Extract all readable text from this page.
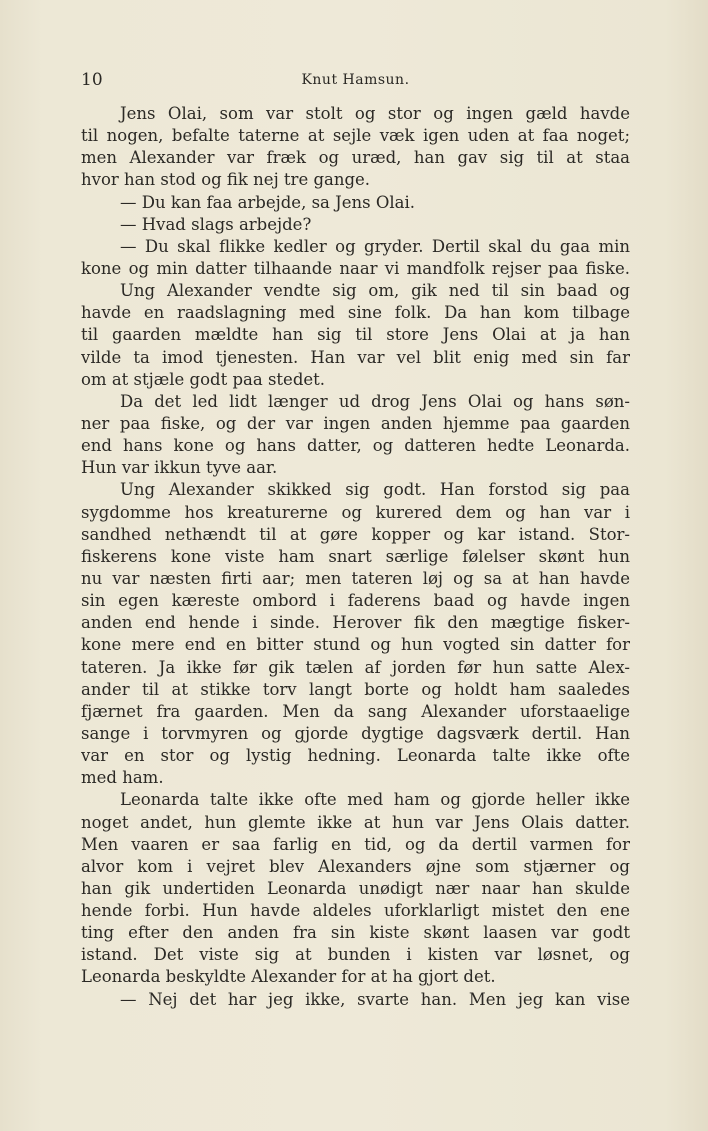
10	Knut Hamsun.
Jens Olai, som var stolt og stor og ingen gæld havde
til nogen, befalte taterne at sejle væk igen uden at faa noget;
men Alexander var fræk og uræd, han gav sig til at staa
hvor han stod og fik nej tre gange.
— Du kan faa arbejde, sa Jens Olai.
— Hvad slags arbejde?
— Du skal flikke kedler og gryder. Dertil skal du gaa min
kone og min datter tilhaande naar vi mandfolk rejser paa fiske.
Ung Alexander vendte sig om, gik ned til sin baad og
havde en raadslagning med sine folk. Da han kom tilbage
til gaarden mældte han sig til store Jens Olai at ja han
vilde ta imod tjenesten. Han var vel blit enig med sin far
om at stjæle godt paa stedet.
Da det led lidt længer ud drog Jens Olai og hans søn-
ner paa fiske, og der var ingen anden hjemme paa gaarden
end hans kone og hans datter, og datteren hedte Leonarda.
Hun var ikkun tyve aar.
Ung Alexander skikked sig godt. Han forstod sig paa
sygdomme hos kreaturerne og kurered dem og han var i
sandhed nethændt til at gøre kopper og kar istand. Stor-
fiskerens kone viste ham snart særlige følelser skønt hun
nu var næsten firti aar; men tateren løj og sa at han havde
sin egen kæreste ombord i faderens baad og havde ingen
anden end hende i sinde. Herover fik den mægtige fisker-
kone mere end en bitter stund og hun vogted sin datter for
tateren. Ja ikke før gik tælen af jorden før hun satte Alex-
ander til at stikke torv langt borte og holdt ham saaledes
fjærnet fra gaarden. Men da sang Alexander uforstaaelige
sange i torvmyren og gjorde dygtige dagsværk dertil. Han
var en stor og lystig hedning. Leonarda talte ikke ofte
med ham.
Leonarda talte ikke ofte med ham og gjorde heller ikke
noget andet, hun glemte ikke at hun var Jens Olais datter.
Men vaaren er saa farlig en tid, og da dertil varmen for
alvor kom i vejret blev Alexanders øjne som stjærner og
han gik undertiden Leonarda unødigt nær naar han skulde
hende forbi. Hun havde aldeles uforklarligt mistet den ene
ting efter den anden fra sin kiste skønt laasen var godt
istand. Det viste sig at bunden i kisten var løsnet, og
Leonarda beskyldte Alexander for at ha gjort det.
— Nej det har jeg ikke, svarte han. Men jeg kan vise
